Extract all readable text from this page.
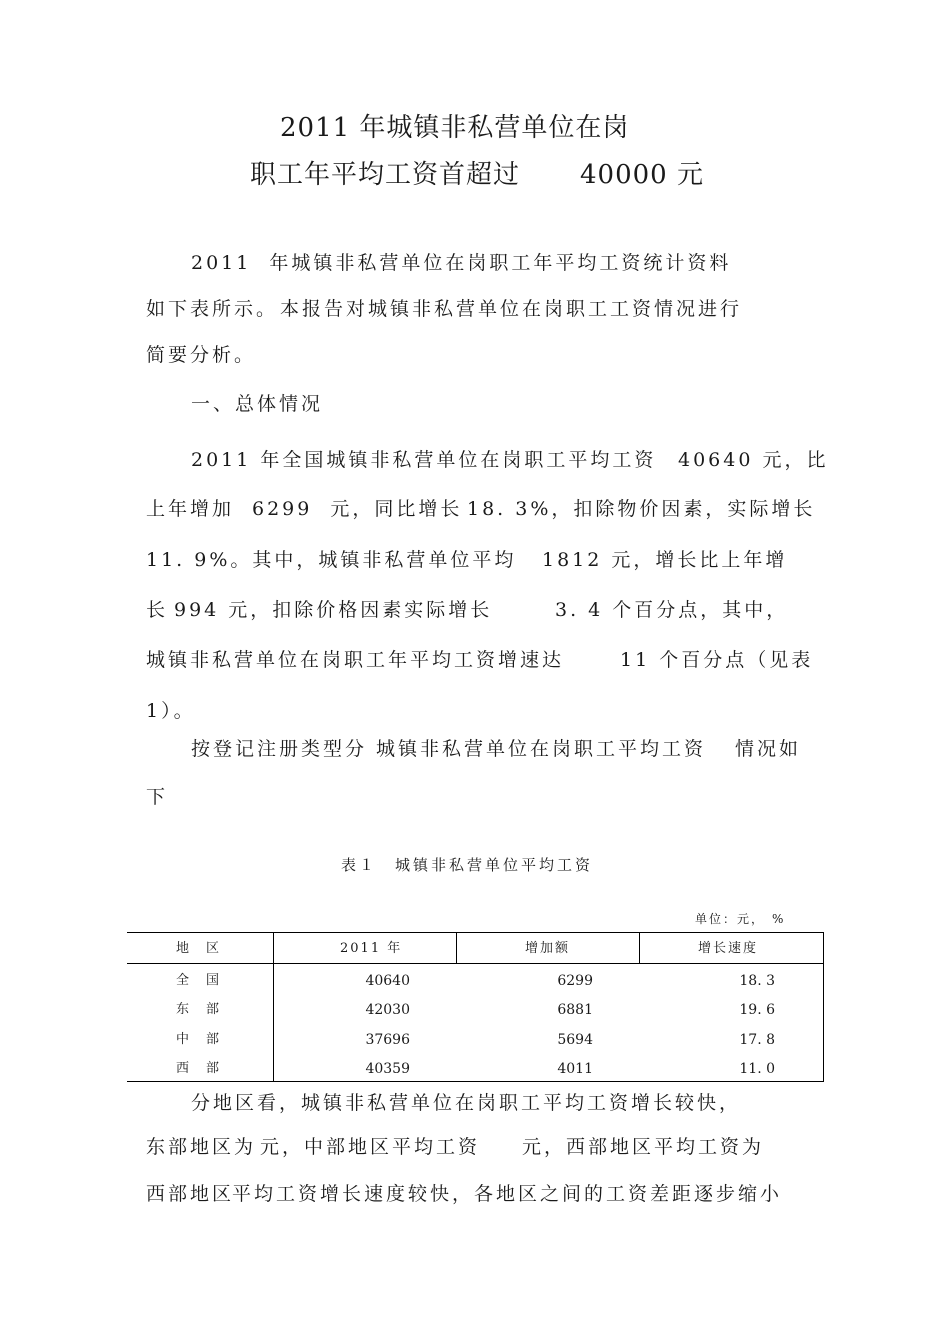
2011 年城镇非私营单位在岗
职工年平均工资首超过 40000 元
2011  年城镇非私营单位在岗职工年平均工资统计资料
如下表所示。 本报告对城镇非私营单位在岗职工工资情况进行
简要分析。
一、总体情况
2011 年全国城镇非私营单位在岗职工平均工资 40640 元，比
上年增加 6299  元，同比增长 18. 3%，扣除物价因素，实际增长
11. 9%。其中，城镇非私营单位平均 1812 元，增长比上年增
长 994 元，扣除价格因素实际增长	3. 4 个百分点，其中，
城镇非私营单位在岗职工年平均工资增速达	11 个百分点（见表
1）。
按登记注册类型分 城镇非私营单位在岗职工平均工资 情况如
下
表１　城镇非私营单位平均工资
单位：元， %
地　区	2011 年	增加额	增长速度
全　国	40640	6299	18. 3
东　部	42030	6881	19. 6
中　部	37696	5694	17. 8
西　部	40359	4011	11. 0
分地区看，城镇非私营单位在岗职工平均工资增长较快，
东部地区为 元，中部地区平均工资 元，西部地区平均工资为
西部地区
平均工资增长速度较快，各地区之间的工资差距逐步缩小
